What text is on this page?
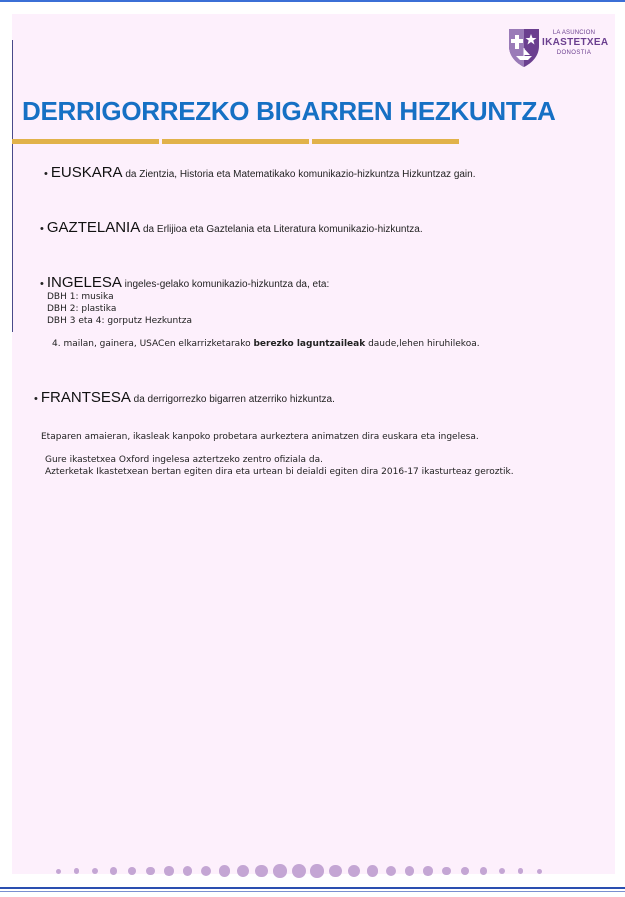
LA ASUNCION
IKASTETXEA
DONOSTIA
DERRIGORREZKO BIGARREN HEZKUNTZA
• EUSKARA da Zientzia, Historia eta Matematikako komunikazio-hizkuntza Hizkuntzaz gain.
• GAZTELANIA da Erlijioa eta Gaztelania eta Literatura komunikazio-hizkuntza.
• INGELESA ingeles-gelako komunikazio-hizkuntza da, eta:
DBH 1: musika
DBH 2: plastika
DBH 3 eta 4: gorputz Hezkuntza
4. mailan, gainera, USACen elkarrizketarako berezko laguntzaileak daude,lehen hiruhilekoa.
• FRANTSESA da derrigorrezko bigarren atzerriko hizkuntza.
Etaparen amaieran, ikasleak kanpoko probetara aurkeztera animatzen dira euskara eta ingelesa.
Gure ikastetxea Oxford ingelesa aztertzeko zentro ofiziala da.
Azterketak Ikastetxean bertan egiten dira eta urtean bi deialdi egiten dira 2016-17 ikasturteaz geroztik.
